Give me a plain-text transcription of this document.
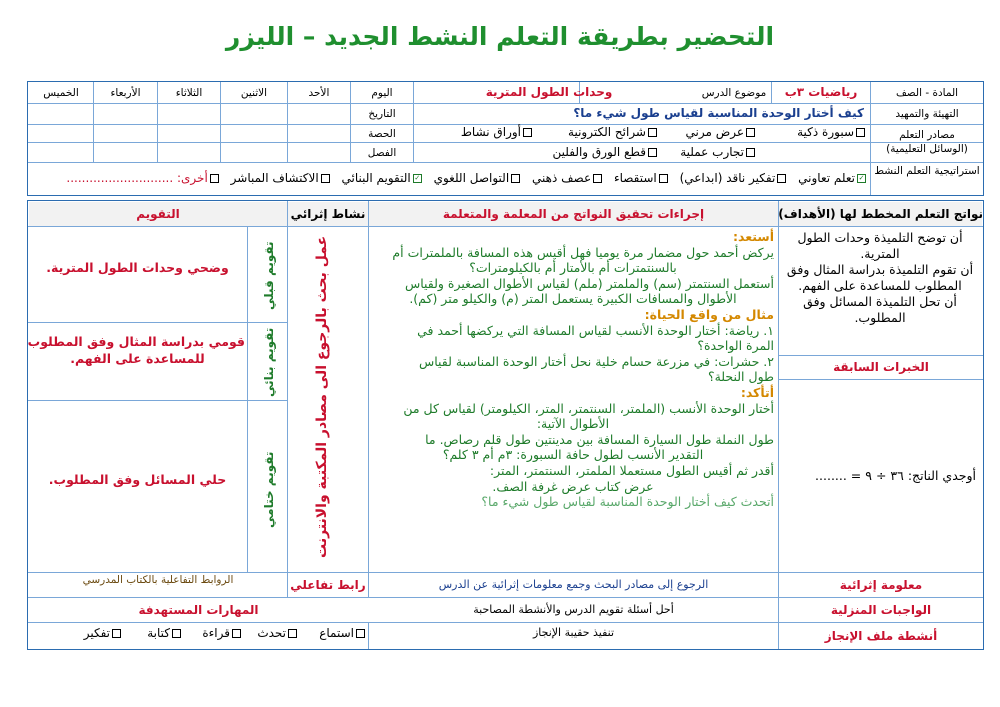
التحضير بطريقة التعلم النشط الجديد – الليزر
المادة - الصف
رياضيات ٣ب
موضوع الدرس
وحدات الطول المترية
اليوم
الأحد
الاثنين
الثلاثاء
الأربعاء
الخميس
التهيئة والتمهيد
كيف أختار الوحدة المناسبة لقياس طول شيء ما؟
التاريخ
مصادر التعلم
(الوسائل التعليمية)
سبورة ذكيةعرض مرنيشرائح الكترونيةأوراق نشاط
تجارب عمليةقطع الورق والفلين
الحصة
الفصل
استراتيجية التعلم النشط
✓تعلم تعاوني تفكير ناقد (ابداعي) استقصاء عصف ذهني التواصل اللغوي ✓التقويم البنائي الاكتشاف المباشر أخرى: ............................
نواتج التعلم المخطط لها (الأهداف)
إجراءات تحقيق النواتج من المعلمة والمتعلمة
نشاط إثرائي
التقويم
أن توضح التلميذة وحدات الطول
المترية.
أن تقوم التلميذة بدراسة المثال وفق
المطلوب للمساعدة على الفهم.
أن تحل التلميذة المسائل وفق
المطلوب.
الخبرات السابقة
أوجدي الناتج: ٣٦ ÷ ٩ = ........
أستعد:
يركض أحمد حول مضمار مرة يوميا فهل أقيس هذه المسافة بالملمترات أم
بالسنتمترات أم بالأمتار أم بالكيلومترات؟
أستعمل السنتمتر (سم) والملمتر (ملم) لقياس الأطوال الصغيرة ولقياس
الأطوال والمسافات الكبيرة يستعمل المتر (م) والكيلو متر (كم).
مثال من واقع الحياة:
١. رياضة: أختار الوحدة الأنسب لقياس المسافة التي يركضها أحمد في
المرة الواحدة؟
٢. حشرات: في مزرعة حسام خلية نحل أختار الوحدة المناسبة لقياس
طول النحلة؟
أتأكد:
أختار الوحدة الأنسب (الملمتر، السنتمتر، المتر، الكيلومتر) لقياس كل من
الأطوال الآتية:
طول النملة طول السيارة المسافة بين مدينتين طول قلم رصاص. ما
التقدير الأنسب لطول حافة السبورة: ٣م أم ٣ كلم؟
أقدر ثم أقيس الطول مستعملا الملمتر، السنتمتر، المتر:
عرض كتاب عرض غرفة الصف.
أتحدث كيف أختار الوحدة المناسبة لقياس طول شيء ما؟
عمل بحث بالرجوع الى مصادر المكتبة والانترنت
تقويم قبلي
وضحي وحدات الطول المترية.
تقويم بنائي
قومي بدراسة المثال وفق المطلوب
للمساعدة على الفهم.
تقويم ختامي
حلي المسائل وفق المطلوب.
معلومة إثرائية
الرجوع إلى مصادر البحث وجمع معلومات إثرائية عن الدرس
رابط تفاعلي
الروابط التفاعلية بالكتاب المدرسي
الواجبات المنزلية
أحل أسئلة تقويم الدرس والأنشطة المصاحبة
المهارات المستهدفة
أنشطة ملف الإنجاز
تنفيذ حقيبة الإنجاز
استماعتحدثقراءةكتابةتفكير
